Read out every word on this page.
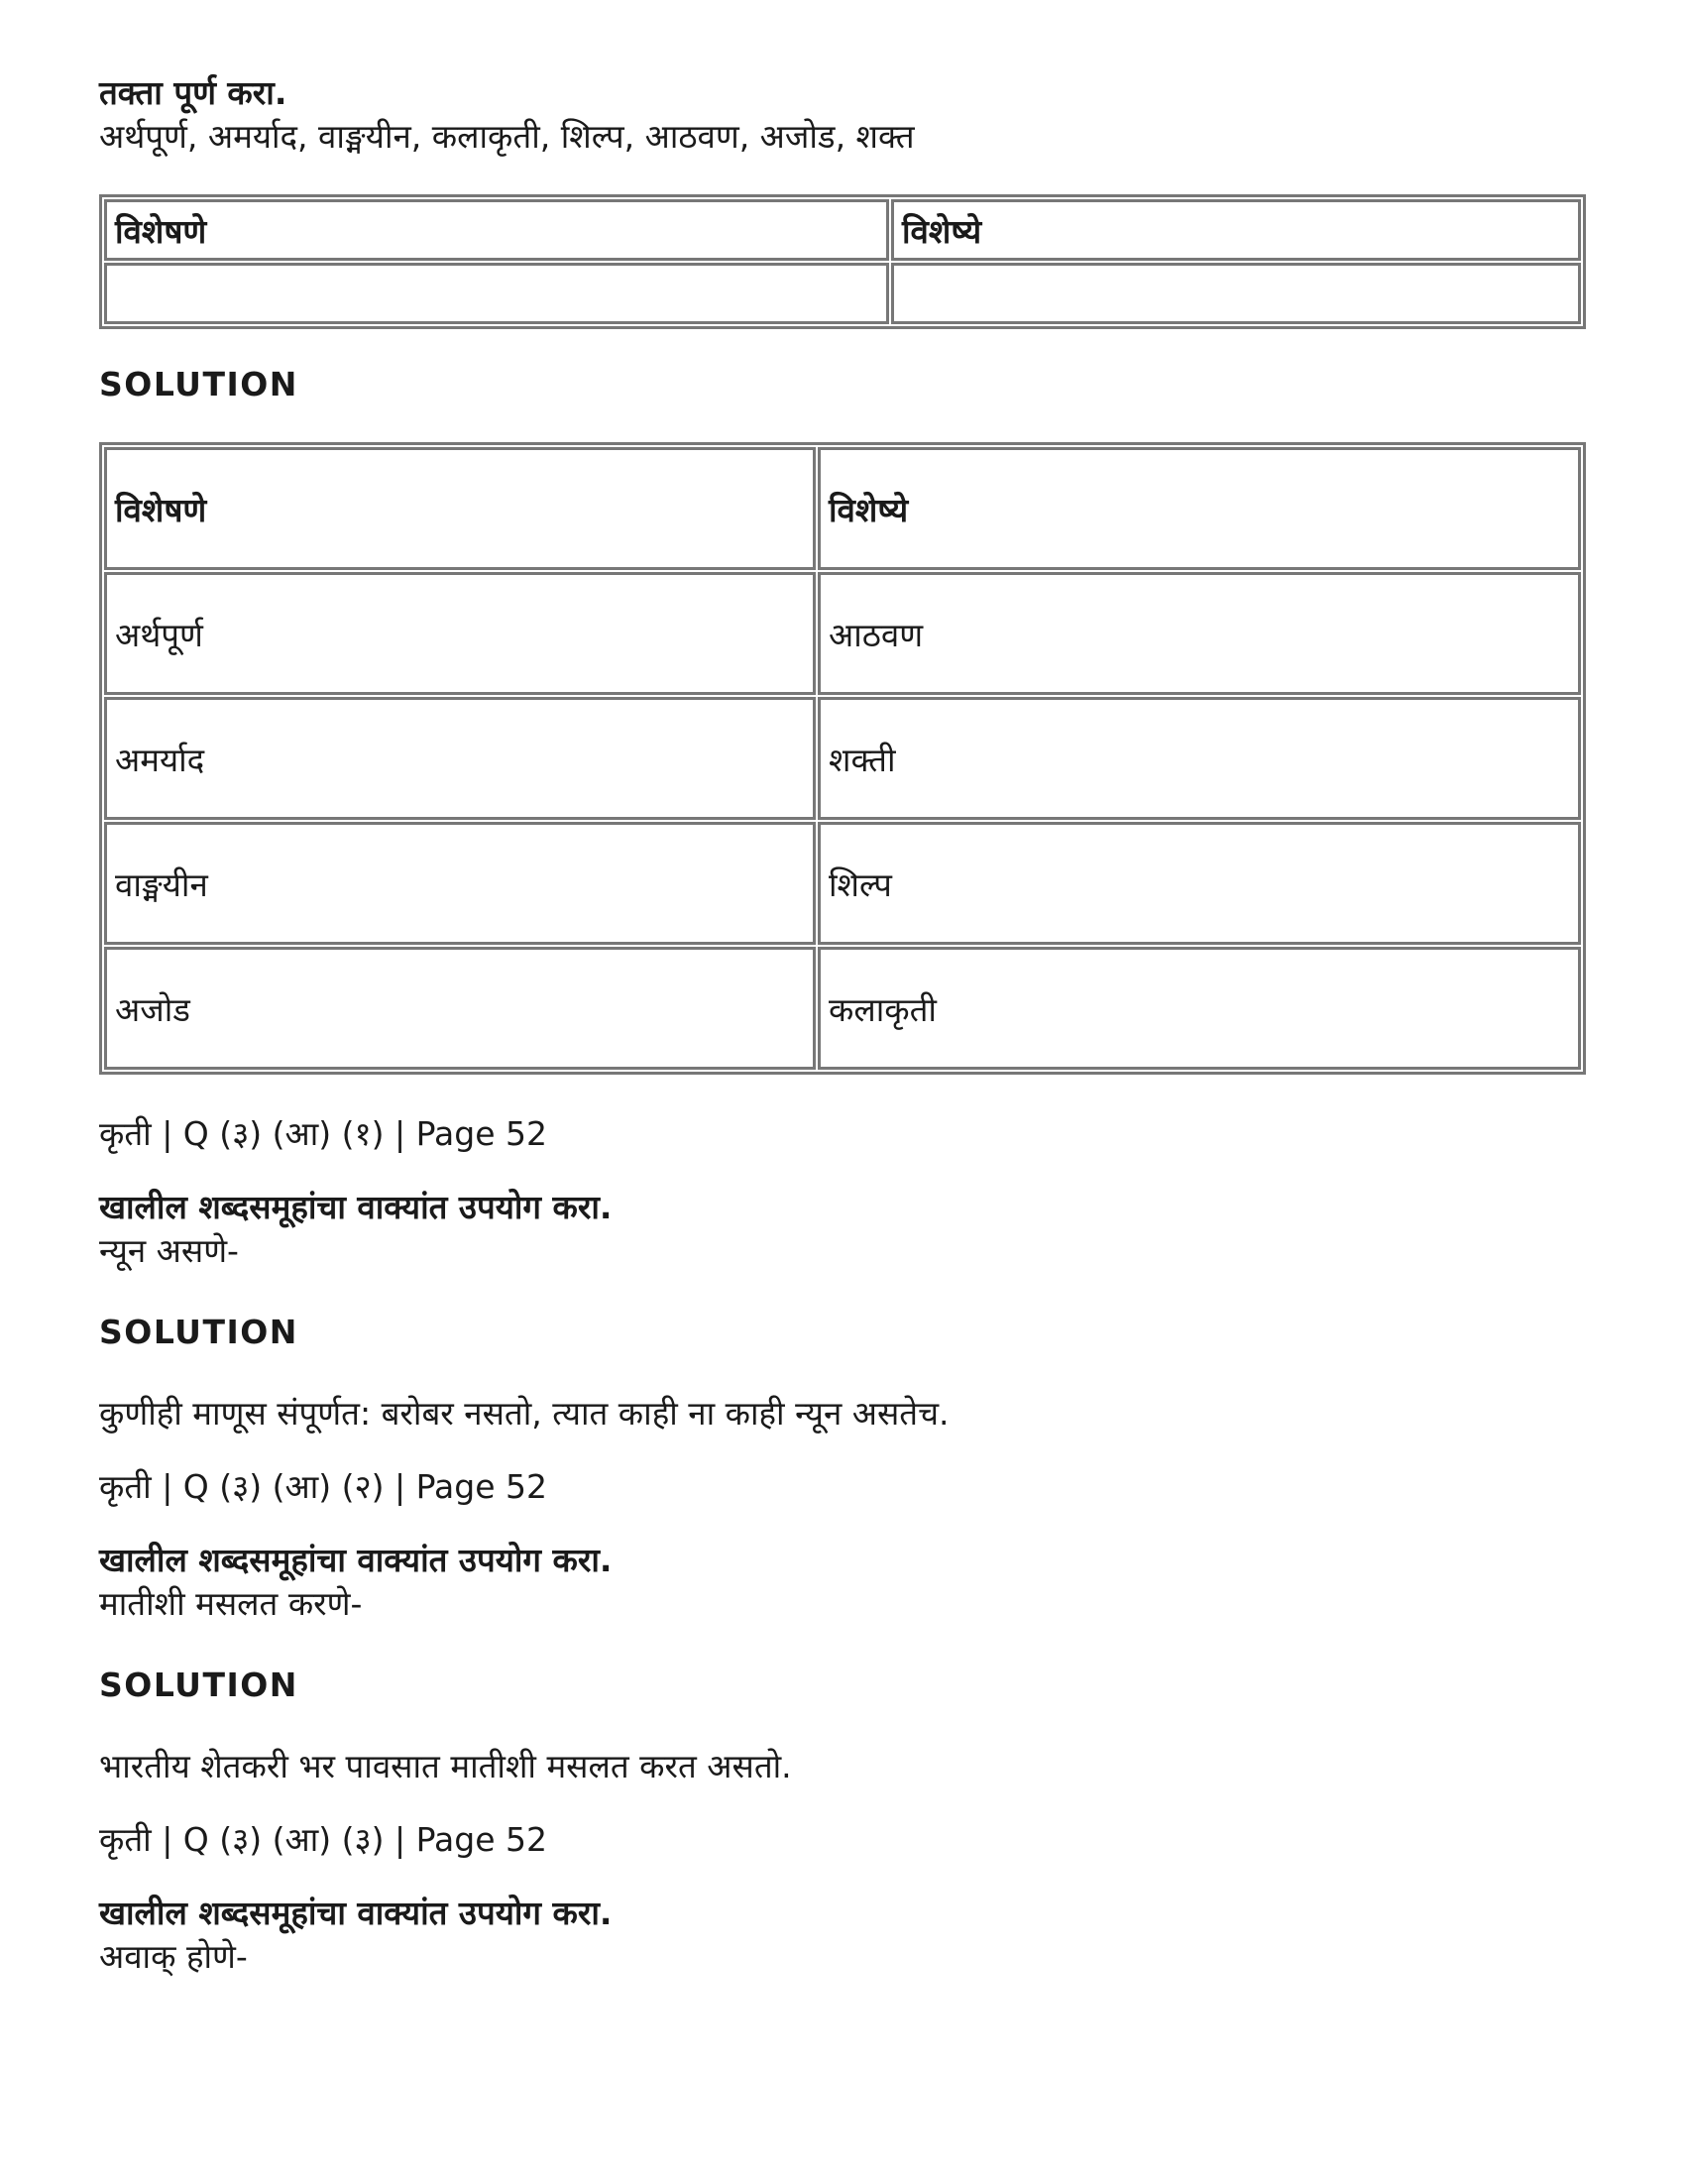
तक्ता पूर्ण करा.

अर्थपूर्ण, अमर्याद, वाङ्मयीन, कलाकृती, शिल्प, आठवण, अजोड, शक्त

विशेषणे	विशेष्ये

SOLUTION

विशेषणे	विशेष्ये
अर्थपूर्ण	आठवण
अमर्याद	शक्ती
वाङ्मयीन	शिल्प
अजोड	कलाकृती

कृती | Q (३) (आ) (१) | Page 52

खालील शब्दसमूहांचा वाक्यांत उपयोग करा.

न्यून असणे-

SOLUTION

कुणीही माणूस संपूर्णत: बरोबर नसतो, त्यात काही ना काही न्यून असतेच.

कृती | Q (३) (आ) (२) | Page 52

खालील शब्दसमूहांचा वाक्यांत उपयोग करा.

मातीशी मसलत करणे-

SOLUTION

भारतीय शेतकरी भर पावसात मातीशी मसलत करत असतो.

कृती | Q (३) (आ) (३) | Page 52

खालील शब्दसमूहांचा वाक्यांत उपयोग करा.

अवाक् होणे-
